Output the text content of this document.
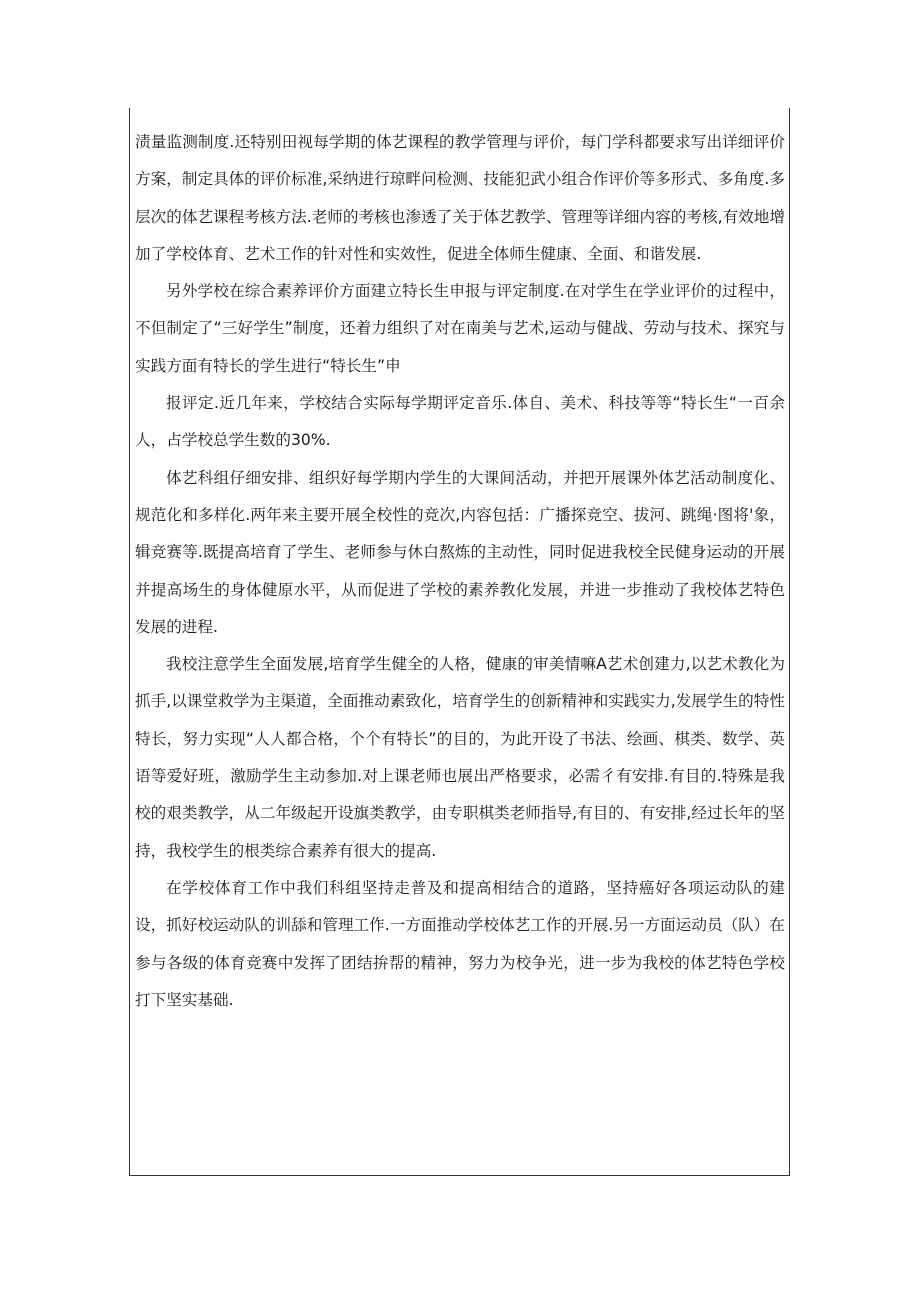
渍量监测制度.还特别田视每学期的体艺课程的教学管理与评价，每门学科都要求写出详细评价方案，制定具体的评价标准,采纳进行琼畔问检测、技能犯武小组合作评价等多形式、多角度.多层次的体艺课程考核方法.老师的考核也渗透了关于体艺教学、管理等详细内容的考核,有效地增加了学校体育、艺术工作的针对性和实效性，促进全体师生健康、全面、和谐发展.

另外学校在综合素养评价方面建立特长生申报与评定制度.在对学生在学业评价的过程中，不但制定了“三好学生”制度，还着力组织了对在南美与艺术,运动与健战、劳动与技术、探究与实践方面有特长的学生进行“特长生”申

报评定.近几年来，学校结合实际每学期评定音乐.体自、美术、科技等等“特长生“一百余人，占学校总学生数的30%.

体艺科组仔细安排、组织好每学期内学生的大课间活动，并把开展课外体艺活动制度化、规范化和多样化.两年来主要开展全校性的竞次,内容包括：广播探竞空、拔河、跳绳·图将'象，辑竞赛等.既提高培育了学生、老师参与休白熬炼的主动性，同时促进我校全民健身运动的开展并提高场生的身体健原水平，从而促进了学校的素养教化发展，并进一步推动了我校体艺特色发展的进程.

我校注意学生全面发展,培育学生健全的人格，健康的审美情嘛A艺术创建力,以艺术教化为抓手,以课堂救学为主渠道，全面推动素致化，培育学生的创新精神和实践实力,发展学生的特性特长，努力实现“人人都合格，个个有特长”的目的，为此开设了书法、绘画、棋类、数学、英语等爱好班，激励学生主动参加.对上课老师也展出严格要求，必需彳有安排.有目的.特殊是我校的艰类教学，从二年级起开设旗类教学，由专职棋类老师指导,有目的、有安排,经过长年的坚持，我校学生的根类综合素养有很大的提高.

在学校体育工作中我们科组坚持走普及和提高相结合的道路，坚持癌好各项运动队的建设，抓好校运动队的训舔和管理工作.一方面推动学校体艺工作的开展.另一方面运动员（队）在参与各级的体育竞赛中发挥了团结拚帮的精神，努力为校争光，进一步为我校的体艺特色学校打下坚实基础.
